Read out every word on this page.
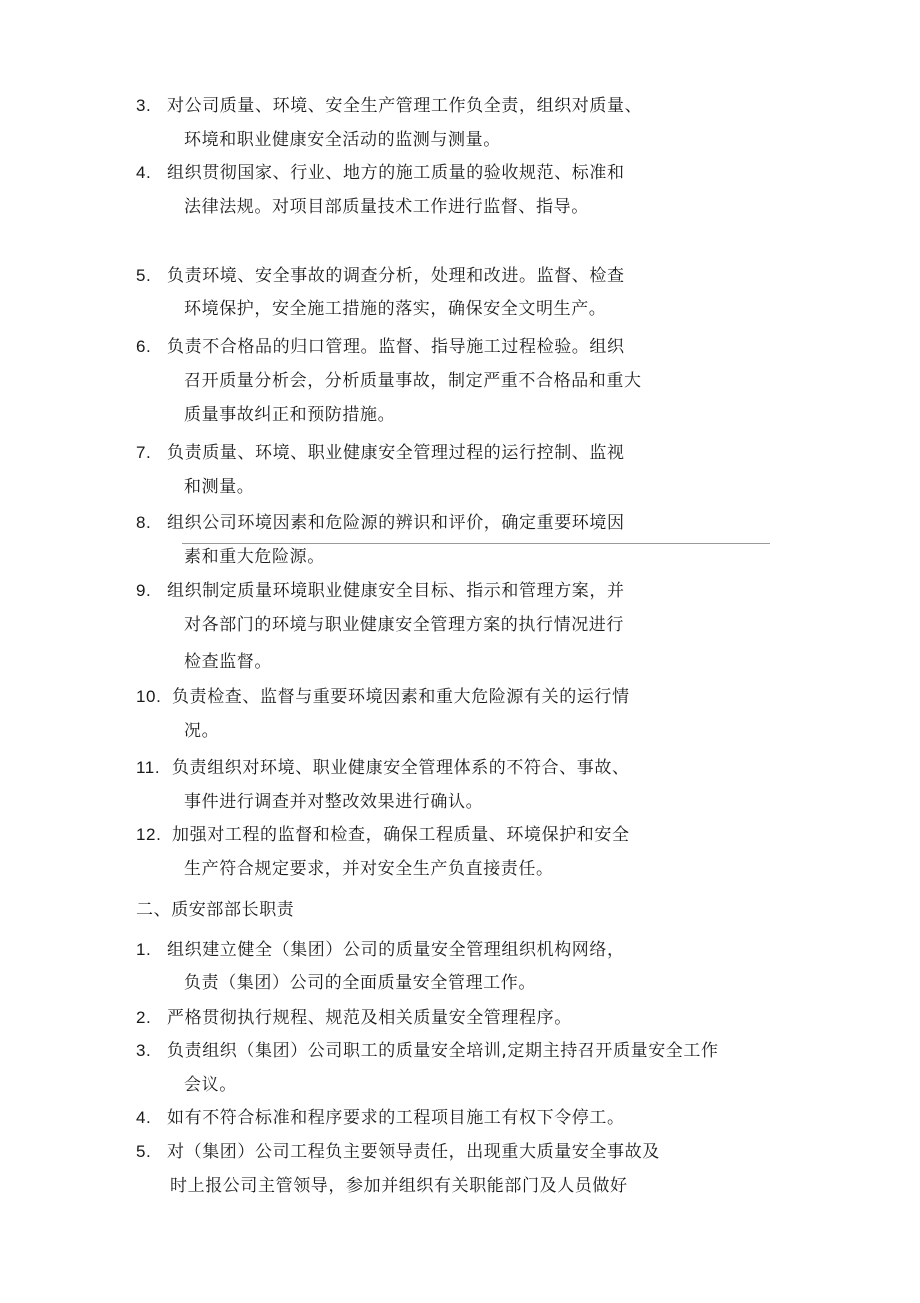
3. 对公司质量、环境、安全生产管理工作负全责，组织对质量、
环境和职业健康安全活动的监测与测量。
4. 组织贯彻国家、行业、地方的施工质量的验收规范、标准和
法律法规。对项目部质量技术工作进行监督、指导。
5. 负责环境、安全事故的调查分析，处理和改进。监督、检查
环境保护，安全施工措施的落实，确保安全文明生产。
6. 负责不合格品的归口管理。监督、指导施工过程检验。组织
召开质量分析会，分析质量事故，制定严重不合格品和重大
质量事故纠正和预防措施。
7. 负责质量、环境、职业健康安全管理过程的运行控制、监视
和测量。
8. 组织公司环境因素和危险源的辨识和评价，确定重要环境因
素和重大危险源。
9. 组织制定质量环境职业健康安全目标、指示和管理方案，并
对各部门的环境与职业健康安全管理方案的执行情况进行
检查监督。
10. 负责检查、监督与重要环境因素和重大危险源有关的运行情
况。
11. 负责组织对环境、职业健康安全管理体系的不符合、事故、
事件进行调查并对整改效果进行确认。
12. 加强对工程的监督和检查，确保工程质量、环境保护和安全
生产符合规定要求，并对安全生产负直接责任。
二、质安部部长职责
1. 组织建立健全（集团）公司的质量安全管理组织机构网络，
负责（集团）公司的全面质量安全管理工作。
2. 严格贯彻执行规程、规范及相关质量安全管理程序。
3. 负责组织（集团）公司职工的质量安全培训,定期主持召开质量安全工作
会议。
4. 如有不符合标准和程序要求的工程项目施工有权下令停工。
5. 对（集团）公司工程负主要领导责任，出现重大质量安全事故及
时上报公司主管领导，参加并组织有关职能部门及人员做好
